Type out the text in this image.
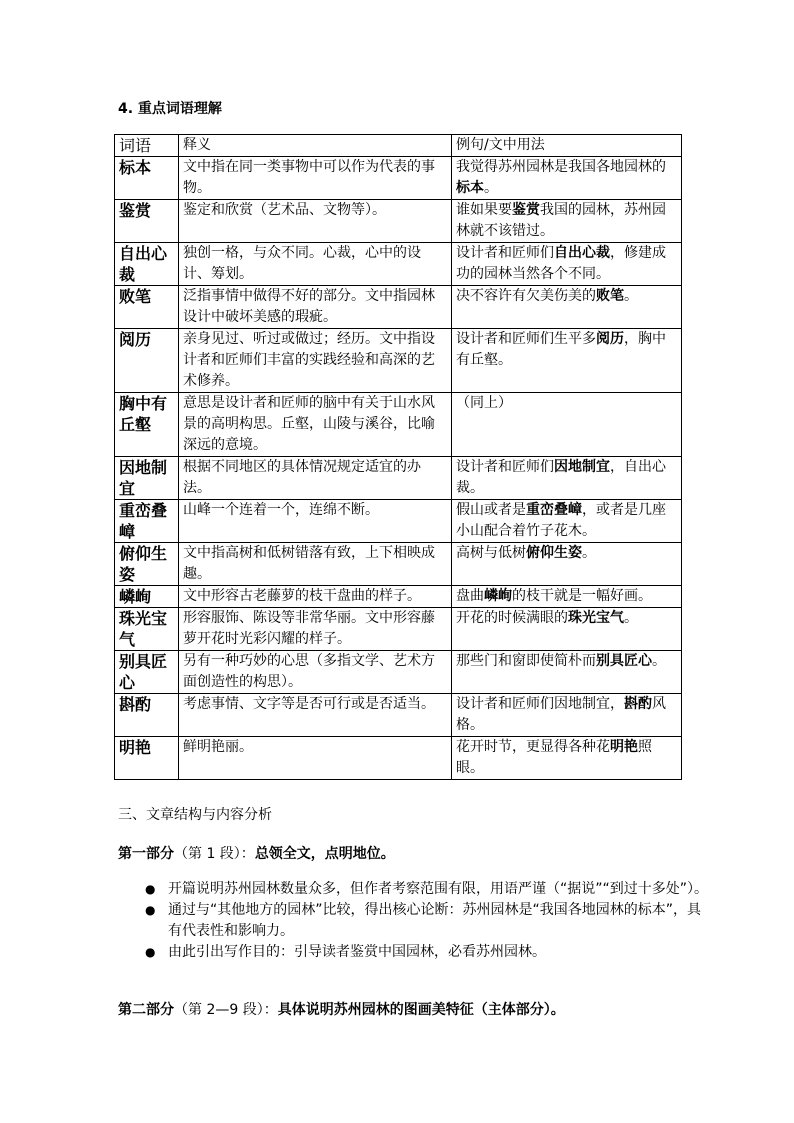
4. 重点词语理解
词语	释义	例句/文中用法
标本	文中指在同一类事物中可以作为代表的事物。	我觉得苏州园林是我国各地园林的标本。
鉴赏	鉴定和欣赏（艺术品、文物等）。	谁如果要鉴赏我国的园林，苏州园林就不该错过。
自出心裁	独创一格，与众不同。心裁，心中的设计、筹划。	设计者和匠师们自出心裁，修建成功的园林当然各个不同。
败笔	泛指事情中做得不好的部分。文中指园林设计中破坏美感的瑕疵。	决不容许有欠美伤美的败笔。
阅历	亲身见过、听过或做过；经历。文中指设计者和匠师们丰富的实践经验和高深的艺术修养。	设计者和匠师们生平多阅历，胸中有丘壑。
胸中有丘壑	意思是设计者和匠师的脑中有关于山水风景的高明构思。丘壑，山陵与溪谷，比喻深远的意境。	（同上）
因地制宜	根据不同地区的具体情况规定适宜的办法。	设计者和匠师们因地制宜，自出心裁。
重峦叠嶂	山峰一个连着一个，连绵不断。	假山或者是重峦叠嶂，或者是几座小山配合着竹子花木。
俯仰生姿	文中指高树和低树错落有致，上下相映成趣。	高树与低树俯仰生姿。
嶙峋	文中形容古老藤萝的枝干盘曲的样子。	盘曲嶙峋的枝干就是一幅好画。
珠光宝气	形容服饰、陈设等非常华丽。文中形容藤萝开花时光彩闪耀的样子。	开花的时候满眼的珠光宝气。
别具匠心	另有一种巧妙的心思（多指文学、艺术方面创造性的构思）。	那些门和窗即使简朴而别具匠心。
斟酌	考虑事情、文字等是否可行或是否适当。	设计者和匠师们因地制宜，斟酌风格。
明艳	鲜明艳丽。	花开时节，更显得各种花明艳照眼。
三、文章结构与内容分析
第一部分（第 1 段）：总领全文，点明地位。
● 开篇说明苏州园林数量众多，但作者考察范围有限，用语严谨（“据说”“到过十多处”）。
● 通过与“其他地方的园林”比较，得出核心论断：苏州园林是“我国各地园林的标本”，具有代表性和影响力。
● 由此引出写作目的：引导读者鉴赏中国园林，必看苏州园林。
第二部分（第 2—9 段）：具体说明苏州园林的图画美特征（主体部分）。
